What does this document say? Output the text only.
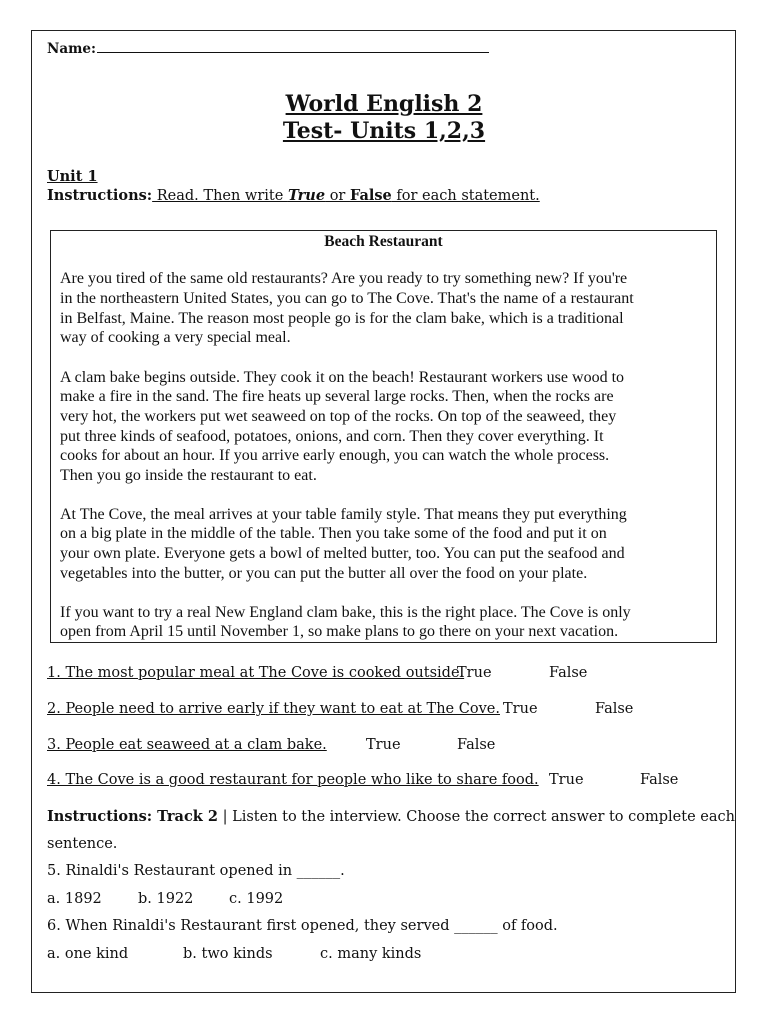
Name:
World English 2
Test- Units 1,2,3
Unit 1
Instructions: Read. Then write True or False for each statement.
Beach Restaurant
Are you tired of the same old restaurants? Are you ready to try something new? If you're
in the northeastern United States, you can go to The Cove. That's the name of a restaurant
in Belfast, Maine. The reason most people go is for the clam bake, which is a traditional
way of cooking a very special meal.
A clam bake begins outside. They cook it on the beach! Restaurant workers use wood to
make a fire in the sand. The fire heats up several large rocks. Then, when the rocks are
very hot, the workers put wet seaweed on top of the rocks. On top of the seaweed, they
put three kinds of seafood, potatoes, onions, and corn. Then they cover everything. It
cooks for about an hour. If you arrive early enough, you can watch the whole process.
Then you go inside the restaurant to eat.
At The Cove, the meal arrives at your table family style. That means they put everything
on a big plate in the middle of the table. Then you take some of the food and put it on
your own plate. Everyone gets a bowl of melted butter, too. You can put the seafood and
vegetables into the butter, or you can put the butter all over the food on your plate.
If you want to try a real New England clam bake, this is the right place. The Cove is only
open from April 15 until November 1, so make plans to go there on your next vacation.
1. The most popular meal at The Cove is cooked outside.
True	False
2. People need to arrive early if they want to eat at The Cove. True	False
3. People eat seaweed at a clam bake.	True	False
4. The Cove is a good restaurant for people who like to share food. True	False
Instructions: Track 2 | Listen to the interview. Choose the correct answer to complete each
sentence.
5. Rinaldi's Restaurant opened in ______.
a. 1892 b. 1922 c. 1992
6. When Rinaldi's Restaurant first opened, they served ______ of food.
a. one kind	b. two kinds	c. many kinds
